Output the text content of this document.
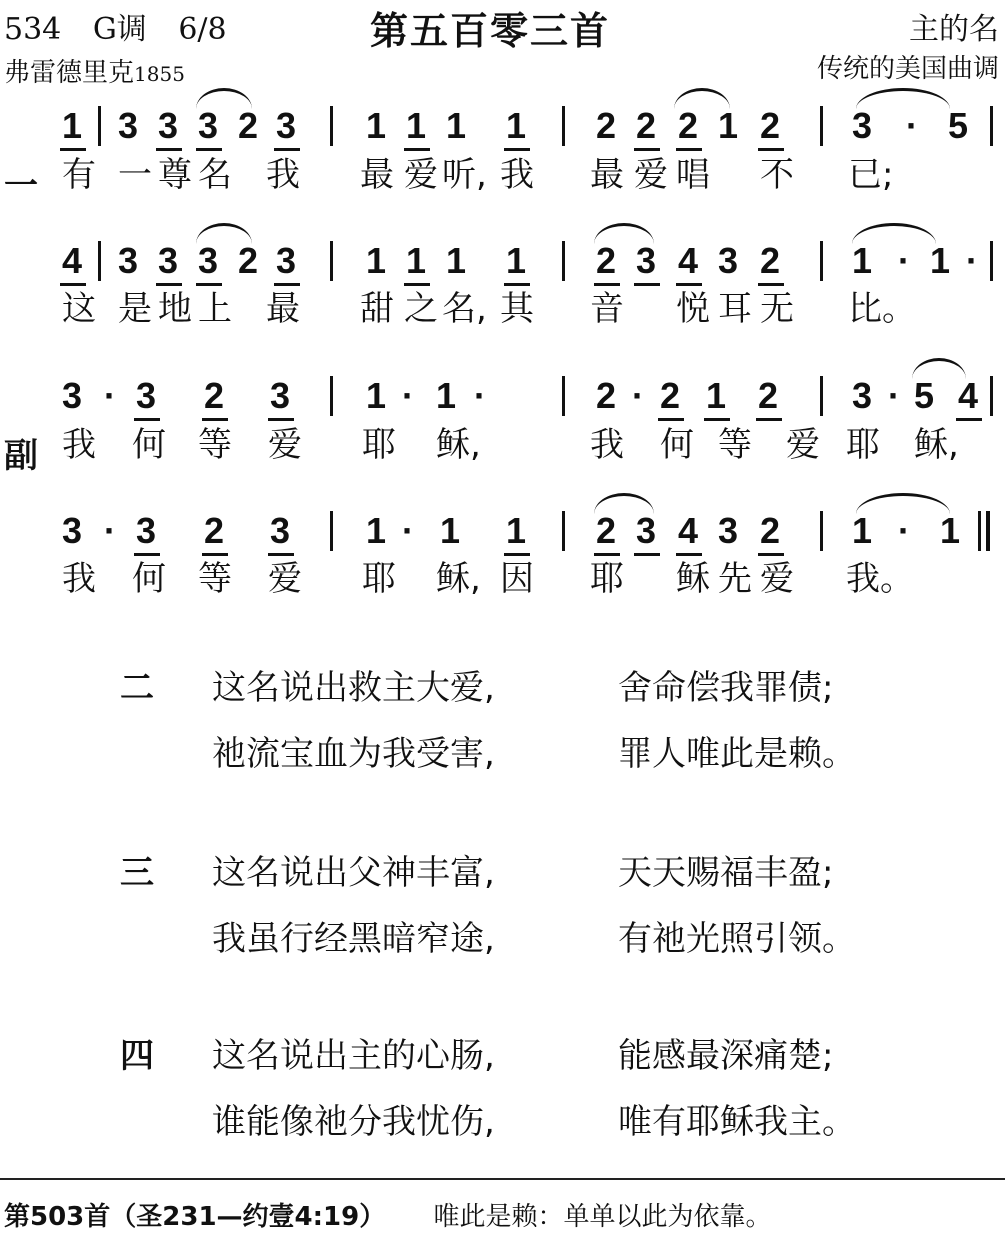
534 G调 6/8	第五百零三首	主的名
弗雷德里克1855	传统的美国曲调
1 3 3 3 2 3 1 1 1 1 2 2 2 1 2 3 · 5
一 有 一 尊 名 我 最 爱 听, 我 最 爱 唱 不 已;
4 3 3 3 2 3 1 1 1 1 2 3 4 3 2 1 · 1 ·
这 是 地 上 最 甜 之 名, 其 音 悦 耳 无 比。
3 · 3 2 3 1 · 1 ·	2 · 2 1 2 3 · 5 4
副 我 何 等 爱 耶 稣,	我 何 等 爱 耶 稣,
3 · 3 2 3 1 · 1 1 2 3 4 3 2 1 · 1
我 何 等 爱 耶 稣, 因 耶 稣 先 爱 我。
二 这名说出救主大爱,	舍命偿我罪债;
祂流宝血为我受害,	罪人唯此是赖。
三 这名说出父神丰富,	天天赐福丰盈;
我虽行经黑暗窄途,	有祂光照引领。
四 这名说出主的心肠,	能感最深痛楚;
谁能像祂分我忧伤,	唯有耶稣我主。
第503首（圣231—约壹4:19） 唯此是赖：单单以此为依靠。
